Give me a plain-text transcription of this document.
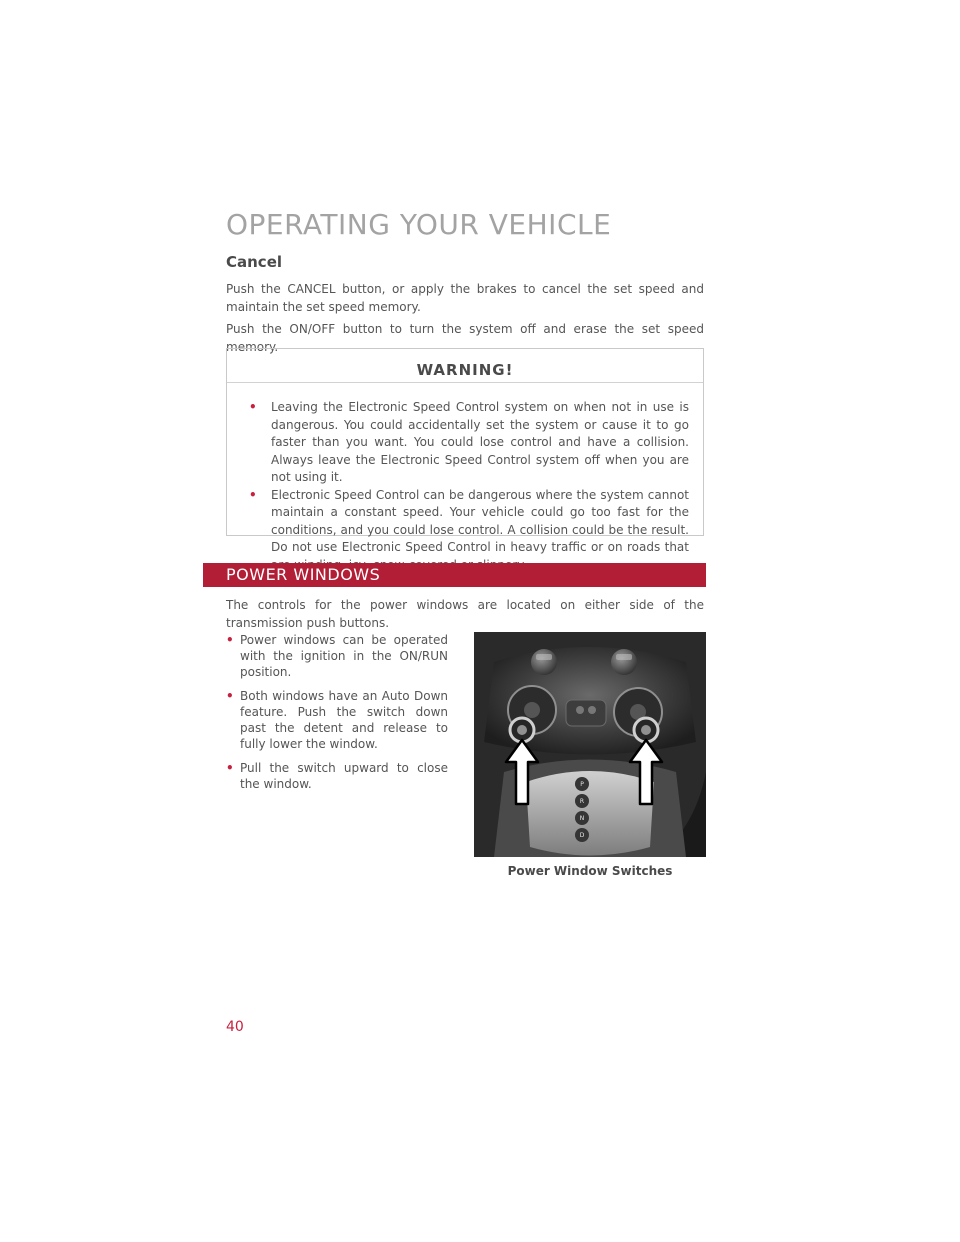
OPERATING YOUR VEHICLE
Cancel

Push the CANCEL button, or apply the brakes to cancel the set speed and maintain the set speed memory.

Push the ON/OFF button to turn the system off and erase the set speed memory.

WARNING!
• Leaving the Electronic Speed Control system on when not in use is dangerous. You could accidentally set the system or cause it to go faster than you want. You could lose control and have a collision. Always leave the Electronic Speed Control system off when you are not using it.
• Electronic Speed Control can be dangerous where the system cannot maintain a constant speed. Your vehicle could go too fast for the conditions, and you could lose control. A collision could be the result. Do not use Electronic Speed Control in heavy traffic or on roads that
POWER WINDOWS

The controls for the power windows are located on either side of the transmission push buttons.

• Power windows can be operated with the ignition in the ON/RUN position.
• Both windows have an Auto Down feature. Push the switch down past the detent and release to fully lower the window.
• Pull the switch upward to close the window.	P
R
N
D

Power Window Switches

40
